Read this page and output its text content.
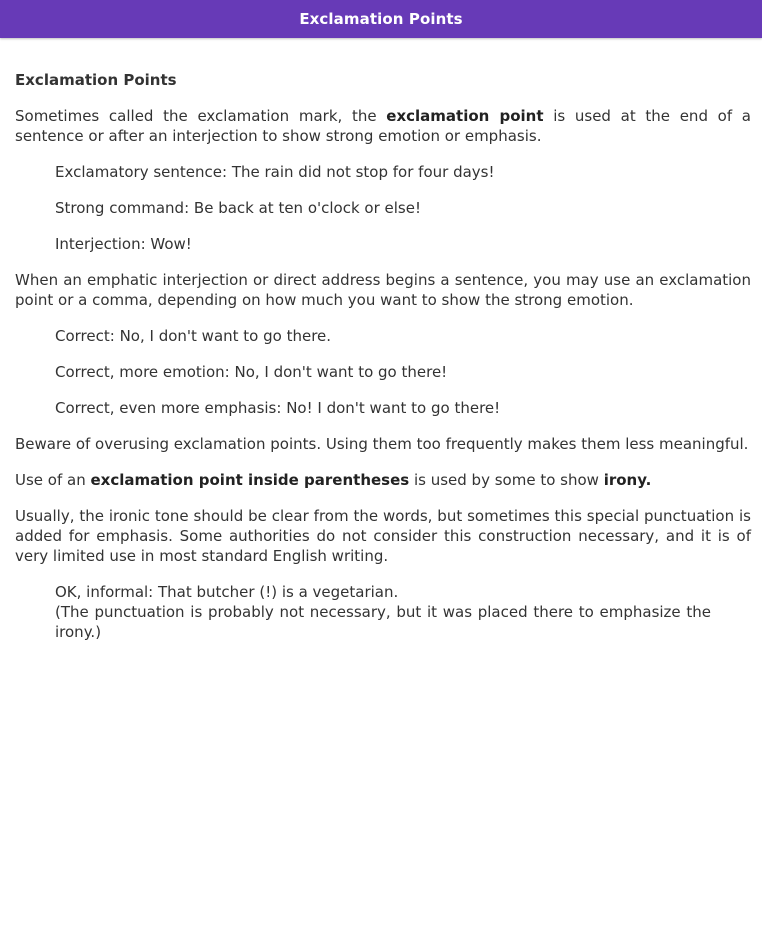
Exclamation Points
Exclamation Points

Sometimes called the exclamation mark, the exclamation point is used at the end of a sentence or after an interjection to show strong emotion or emphasis.

Exclamatory sentence: The rain did not stop for four days!
Strong command: Be back at ten o'clock or else!
Interjection: Wow!

When an emphatic interjection or direct address begins a sentence, you may use an exclamation point or a comma, depending on how much you want to show the strong emotion.

Correct: No, I don't want to go there.
Correct, more emotion: No, I don't want to go there!
Correct, even more emphasis: No! I don't want to go there!

Beware of overusing exclamation points. Using them too frequently makes them less meaningful.

Use of an exclamation point inside parentheses is used by some to show irony.

Usually, the ironic tone should be clear from the words, but sometimes this special punctuation is added for emphasis. Some authorities do not consider this construction necessary, and it is of very limited use in most standard English writing.

OK, informal: That butcher (!) is a vegetarian.
(The punctuation is probably not necessary, but it was placed there to emphasize the irony.)
